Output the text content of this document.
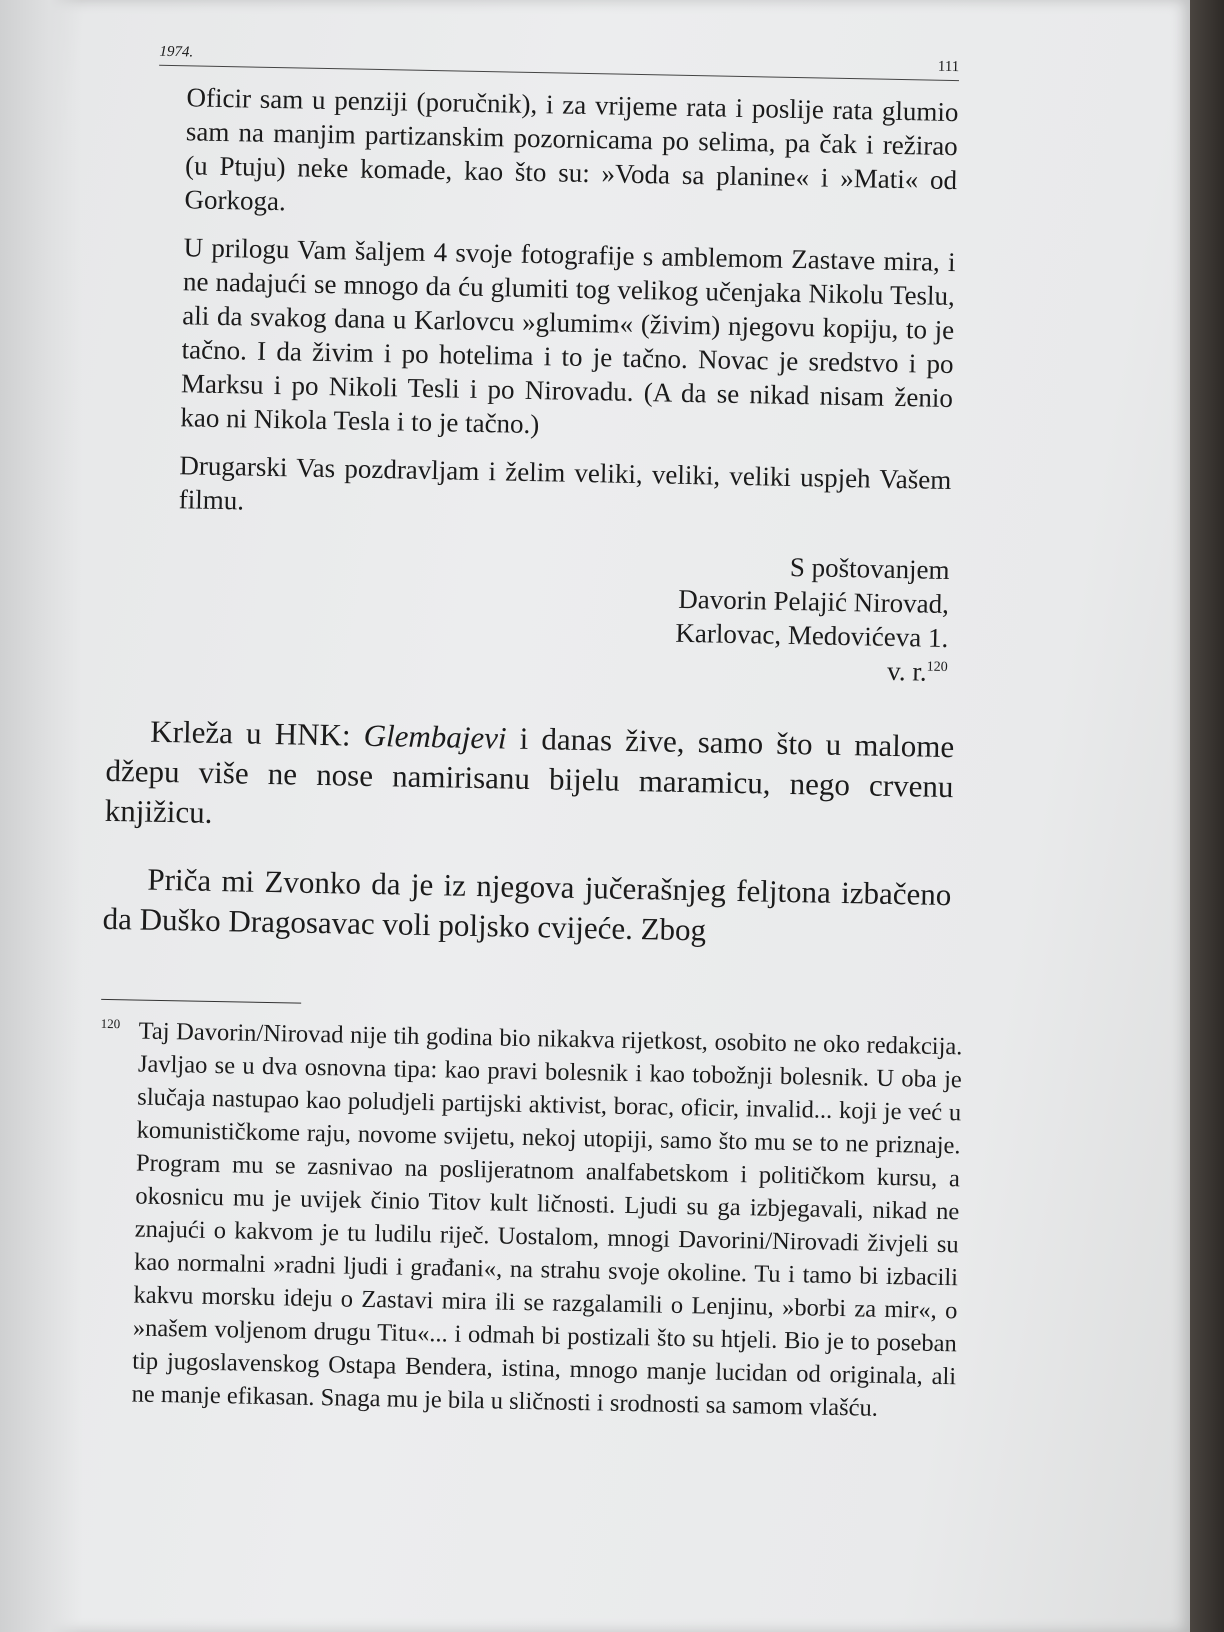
1974.
111

Oficir sam u penziji (poručnik), i za vrijeme rata i poslije rata glumio sam na manjim partizanskim pozornicama po selima, pa čak i režirao (u Ptuju) neke komade, kao što su: »Voda sa planine« i »Mati« od Gorkoga.

U prilogu Vam šaljem 4 svoje fotografije s amblemom Zastave mira, i ne nadajući se mnogo da ću glumiti tog velikog učenjaka Nikolu Teslu, ali da svakog dana u Karlovcu »glumim« (živim) njegovu kopiju, to je tačno. I da živim i po hotelima i to je tačno. Novac je sredstvo i po Marksu i po Nikoli Tesli i po Nirovadu. (A da se nikad nisam ženio kao ni Nikola Tesla i to je tačno.)

Drugarski Vas pozdravljam i želim veliki, veliki, veliki uspjeh Vašem filmu.

S poštovanjem
Davorin Pelajić Nirovad,
Karlovac, Medovićeva 1.
v. r.$^{120}$

Krleža u HNK: Glembajevi i danas žive, samo što u malome džepu više ne nose namirisanu bijelu maramicu, nego crvenu knjižicu.

Priča mi Zvonko da je iz njegova jučerašnjeg feljtona izbačeno da Duško Dragosavac voli poljsko cvijeće. Zbog

120 Taj Davorin/Nirovad nije tih godina bio nikakva rijetkost, osobito ne oko redakcija. Javljao se u dva osnovna tipa: kao pravi bolesnik i kao tobožnji bolesnik. U oba je slučaja nastupao kao poludjeli partijski aktivist, borac, oficir, invalid... koji je već u komunističkome raju, novome svijetu, nekoj utopiji, samo što mu se to ne priznaje. Program mu se zasnivao na poslijeratnom analfabetskom i političkom kursu, a okosnicu mu je uvijek činio Titov kult ličnosti. Ljudi su ga izbjegavali, nikad ne znajući o kakvom je tu ludilu riječ. Uostalom, mnogi Davorini/Nirovadi živjeli su kao normalni »radni ljudi i građani«, na strahu svoje okoline. Tu i tamo bi izbacili kakvu morsku ideju o Zastavi mira ili se razgalamili o Lenjinu, »borbi za mir«, o »našem voljenom drugu Titu«... i odmah bi postizali što su htjeli. Bio je to poseban tip jugoslavenskog Ostapa Bendera, istina, mnogo manje lucidan od originala, ali ne manje efikasan. Snaga mu je bila u sličnosti i srodnosti sa samom vlašću.
